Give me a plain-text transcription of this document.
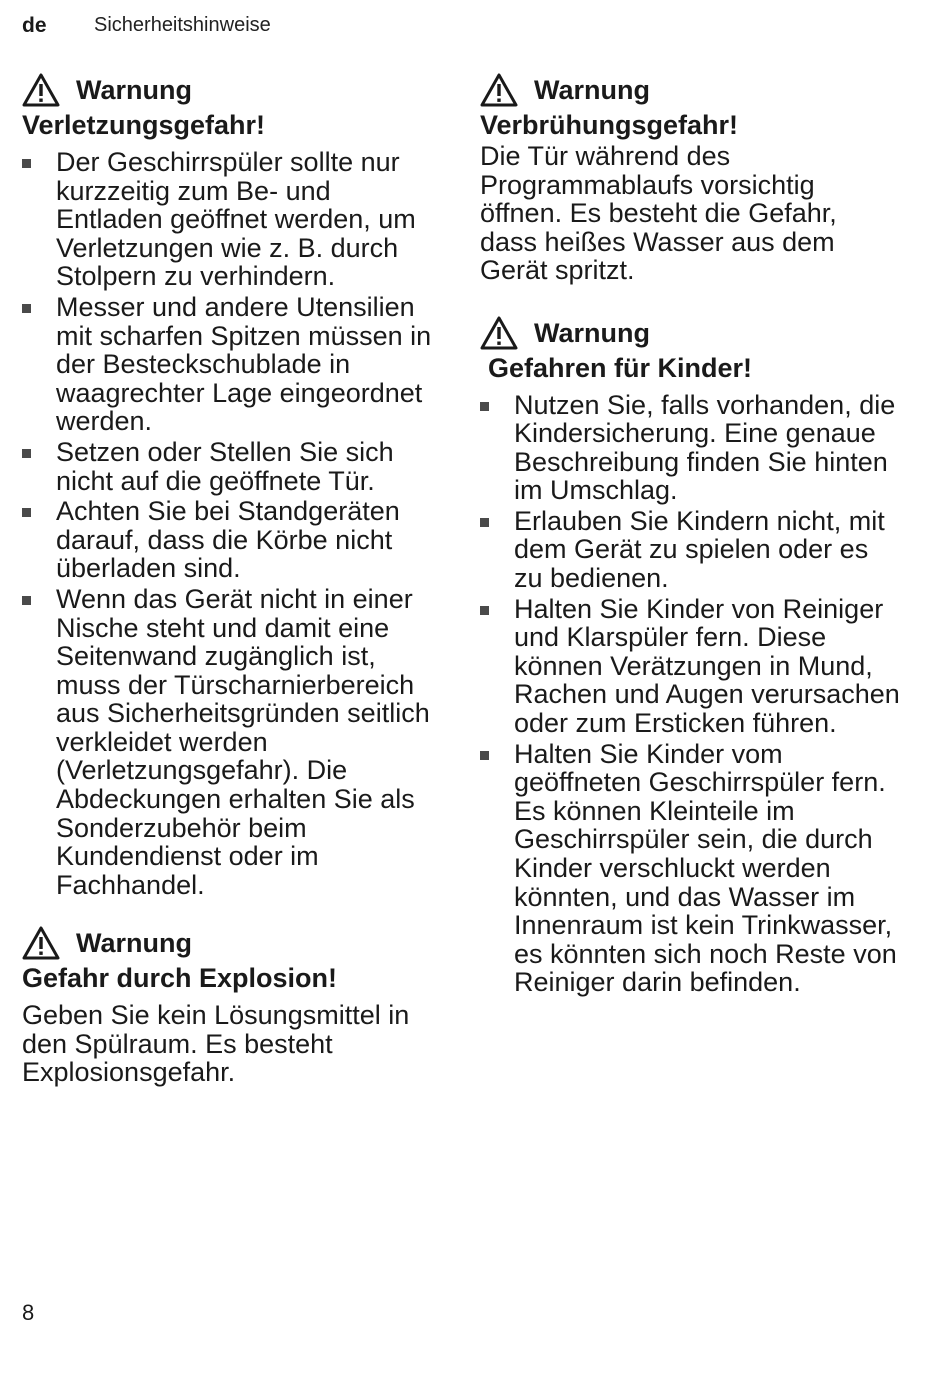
de Sicherheitshinweise
Warnung
Verletzungsgefahr!
Der Geschirrspüler sollte nur kurzzeitig zum Be- und Entladen geöffnet werden, um Verletzungen wie z. B. durch Stolpern zu verhindern.
Messer und andere Utensilien mit scharfen Spitzen müssen in der Besteckschublade in waagrechter Lage eingeordnet werden.
Setzen oder Stellen Sie sich nicht auf die geöffnete Tür.
Achten Sie bei Standgeräten darauf, dass die Körbe nicht überladen sind.
Wenn das Gerät nicht in einer Nische steht und damit eine Seitenwand zugänglich ist, muss der Türscharnierbereich aus Sicherheitsgründen seitlich verkleidet werden (Verletzungsgefahr). Die Abdeckungen erhalten Sie als Sonderzubehör beim Kundendienst oder im Fachhandel.
Warnung
Gefahr durch Explosion!

Geben Sie kein Lösungsmittel in den Spülraum. Es besteht Explosionsgefahr.

Warnung
Verbrühungsgefahr!

Die Tür während des Programmablaufs vorsichtig öffnen. Es besteht die Gefahr, dass heißes Wasser aus dem Gerät spritzt.

Warnung
Gefahren für Kinder!
Nutzen Sie, falls vorhanden, die Kindersicherung. Eine genaue Beschreibung finden Sie hinten im Umschlag.
Erlauben Sie Kindern nicht, mit dem Gerät zu spielen oder es zu bedienen.
Halten Sie Kinder von Reiniger und Klarspüler fern. Diese können Verätzungen in Mund, Rachen und Augen verursachen oder zum Ersticken führen.
Halten Sie Kinder vom geöffneten Geschirrspüler fern. Es können Kleinteile im Geschirrspüler sein, die durch Kinder verschluckt werden könnten, und das Wasser im Innenraum ist kein Trinkwasser, es könnten sich noch Reste von Reiniger darin befinden.
8
